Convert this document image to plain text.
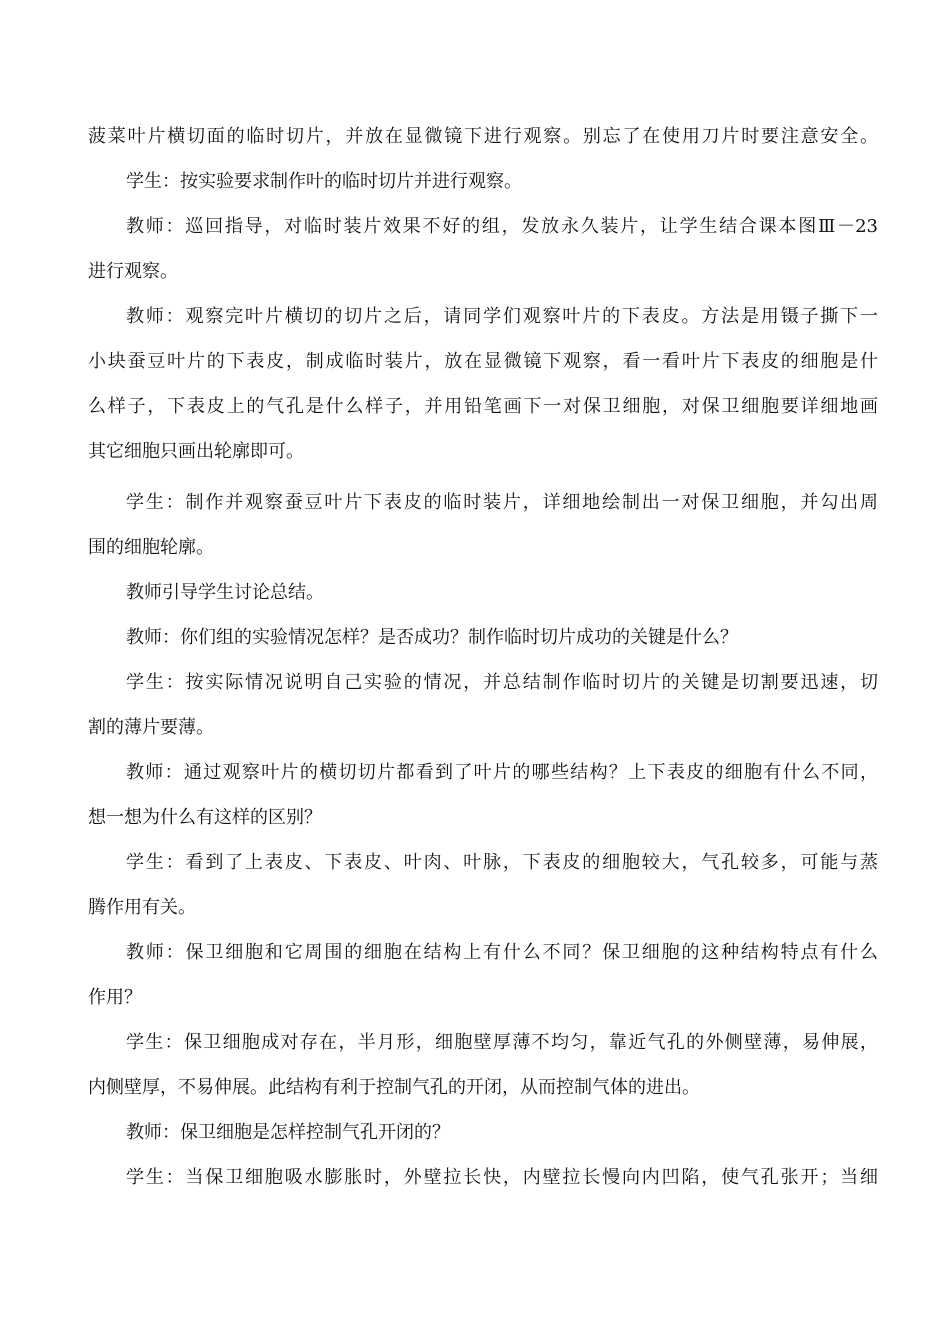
菠菜叶片横切面的临时切片，并放在显微镜下进行观察。别忘了在使用刀片时要注意安全。
学生：按实验要求制作叶的临时切片并进行观察。
教师：巡回指导，对临时装片效果不好的组，发放永久装片，让学生结合课本图Ⅲ－23
进行观察。
教师：观察完叶片横切的切片之后，请同学们观察叶片的下表皮。方法是用镊子撕下一
小块蚕豆叶片的下表皮，制成临时装片，放在显微镜下观察，看一看叶片下表皮的细胞是什
么样子，下表皮上的气孔是什么样子，并用铅笔画下一对保卫细胞，对保卫细胞要详细地画
其它细胞只画出轮廓即可。
学生：制作并观察蚕豆叶片下表皮的临时装片，详细地绘制出一对保卫细胞，并勾出周
围的细胞轮廓。
教师引导学生讨论总结。
教师：你们组的实验情况怎样？是否成功？制作临时切片成功的关键是什么？
学生：按实际情况说明自己实验的情况，并总结制作临时切片的关键是切割要迅速，切
割的薄片要薄。
教师：通过观察叶片的横切切片都看到了叶片的哪些结构？上下表皮的细胞有什么不同，
想一想为什么有这样的区别？
学生：看到了上表皮、下表皮、叶肉、叶脉，下表皮的细胞较大，气孔较多，可能与蒸
腾作用有关。
教师：保卫细胞和它周围的细胞在结构上有什么不同？保卫细胞的这种结构特点有什么
作用？
学生：保卫细胞成对存在，半月形，细胞壁厚薄不均匀，靠近气孔的外侧壁薄，易伸展，
内侧壁厚，不易伸展。此结构有利于控制气孔的开闭，从而控制气体的进出。
教师：保卫细胞是怎样控制气孔开闭的？
学生：当保卫细胞吸水膨胀时，外壁拉长快，内壁拉长慢向内凹陷，使气孔张开；当细
